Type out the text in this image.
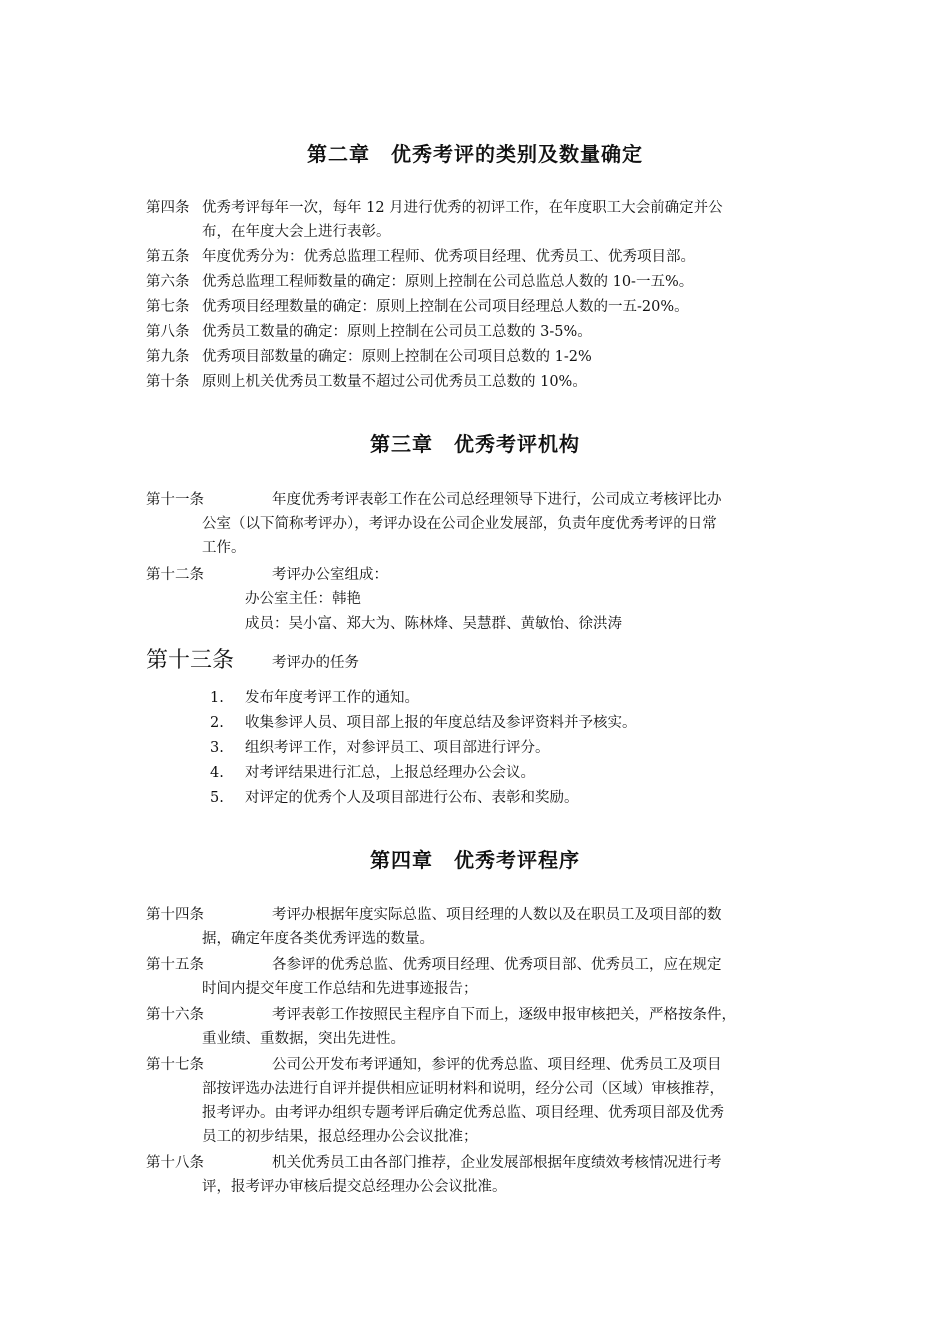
第二章　优秀考评的类别及数量确定
第四条 优秀考评每年一次，每年 12 月进行优秀的初评工作，在年度职工大会前确定并公
布，在年度大会上进行表彰。
第五条 年度优秀分为：优秀总监理工程师、优秀项目经理、优秀员工、优秀项目部。
第六条 优秀总监理工程师数量的确定：原则上控制在公司总监总人数的 10-一五%。
第七条 优秀项目经理数量的确定：原则上控制在公司项目经理总人数的一五-20%。
第八条 优秀员工数量的确定：原则上控制在公司员工总数的 3-5%。
第九条 优秀项目部数量的确定：原则上控制在公司项目总数的 1-2%
第十条 原则上机关优秀员工数量不超过公司优秀员工总数的 10%。
第三章　优秀考评机构
第十一条	年度优秀考评表彰工作在公司总经理领导下进行，公司成立考核评比办
公室（以下简称考评办），考评办设在公司企业发展部，负责年度优秀考评的日常
工作。
第十二条	考评办公室组成：
办公室主任：韩艳
成员：吴小富、郑大为、陈林烽、吴慧群、黄敏怡、徐洪涛
第十三条	考评办的任务
1. 发布年度考评工作的通知。
2. 收集参评人员、项目部上报的年度总结及参评资料并予核实。
3. 组织考评工作，对参评员工、项目部进行评分。
4. 对考评结果进行汇总，上报总经理办公会议。
5. 对评定的优秀个人及项目部进行公布、表彰和奖励。
第四章　优秀考评程序
第十四条	考评办根据年度实际总监、项目经理的人数以及在职员工及项目部的数
据，确定年度各类优秀评选的数量。
第十五条	各参评的优秀总监、优秀项目经理、优秀项目部、优秀员工，应在规定
时间内提交年度工作总结和先进事迹报告；
第十六条	考评表彰工作按照民主程序自下而上，逐级申报审核把关，严格按条件，
重业绩、重数据，突出先进性。
第十七条	公司公开发布考评通知，参评的优秀总监、项目经理、优秀员工及项目
部按评选办法进行自评并提供相应证明材料和说明，经分公司（区域）审核推荐，
报考评办。由考评办组织专题考评后确定优秀总监、项目经理、优秀项目部及优秀
员工的初步结果，报总经理办公会议批准；
第十八条	机关优秀员工由各部门推荐，企业发展部根据年度绩效考核情况进行考
评，报考评办审核后提交总经理办公会议批准。
